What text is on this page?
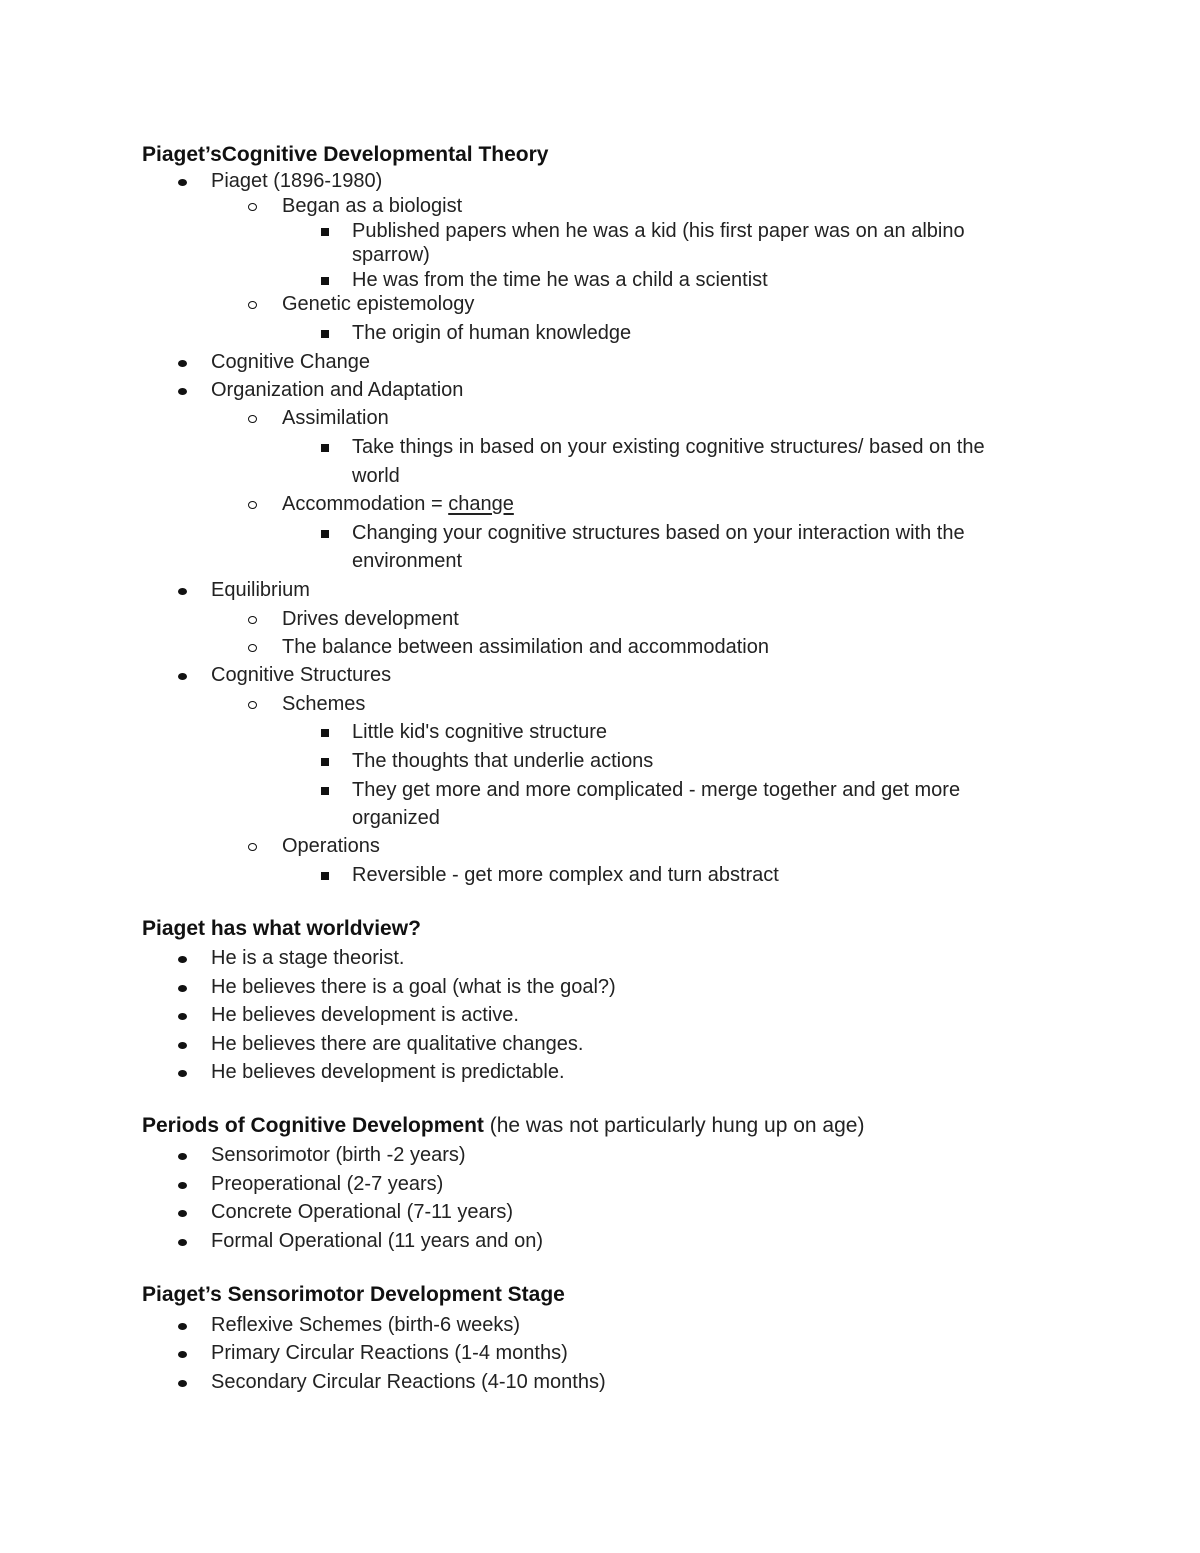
Piaget’sCognitive Developmental Theory
Piaget (1896-1980)
Began as a biologist
Published papers when he was a kid (his first paper was on an albino
sparrow)
He was from the time he was a child a scientist
Genetic epistemology
The origin of human knowledge
Cognitive Change
Organization and Adaptation
Assimilation
Take things in based on your existing cognitive structures/ based on the
world
Accommodation = change
Changing your cognitive structures based on your interaction with the
environment
Equilibrium
Drives development
The balance between assimilation and accommodation
Cognitive Structures
Schemes
Little kid's cognitive structure
The thoughts that underlie actions
They get more and more complicated - merge together and get more
organized
Operations
Reversible - get more complex and turn abstract
Piaget has what worldview?
He is a stage theorist.
He believes there is a goal (what is the goal?)
He believes development is active.
He believes there are qualitative changes.
He believes development is predictable.
Periods of Cognitive Development (he was not particularly hung up on age)
Sensorimotor (birth -2 years)
Preoperational (2-7 years)
Concrete Operational (7-11 years)
Formal Operational (11 years and on)
Piaget’s Sensorimotor Development Stage
Reflexive Schemes (birth-6 weeks)
Primary Circular Reactions (1-4 months)
Secondary Circular Reactions (4-10 months)
